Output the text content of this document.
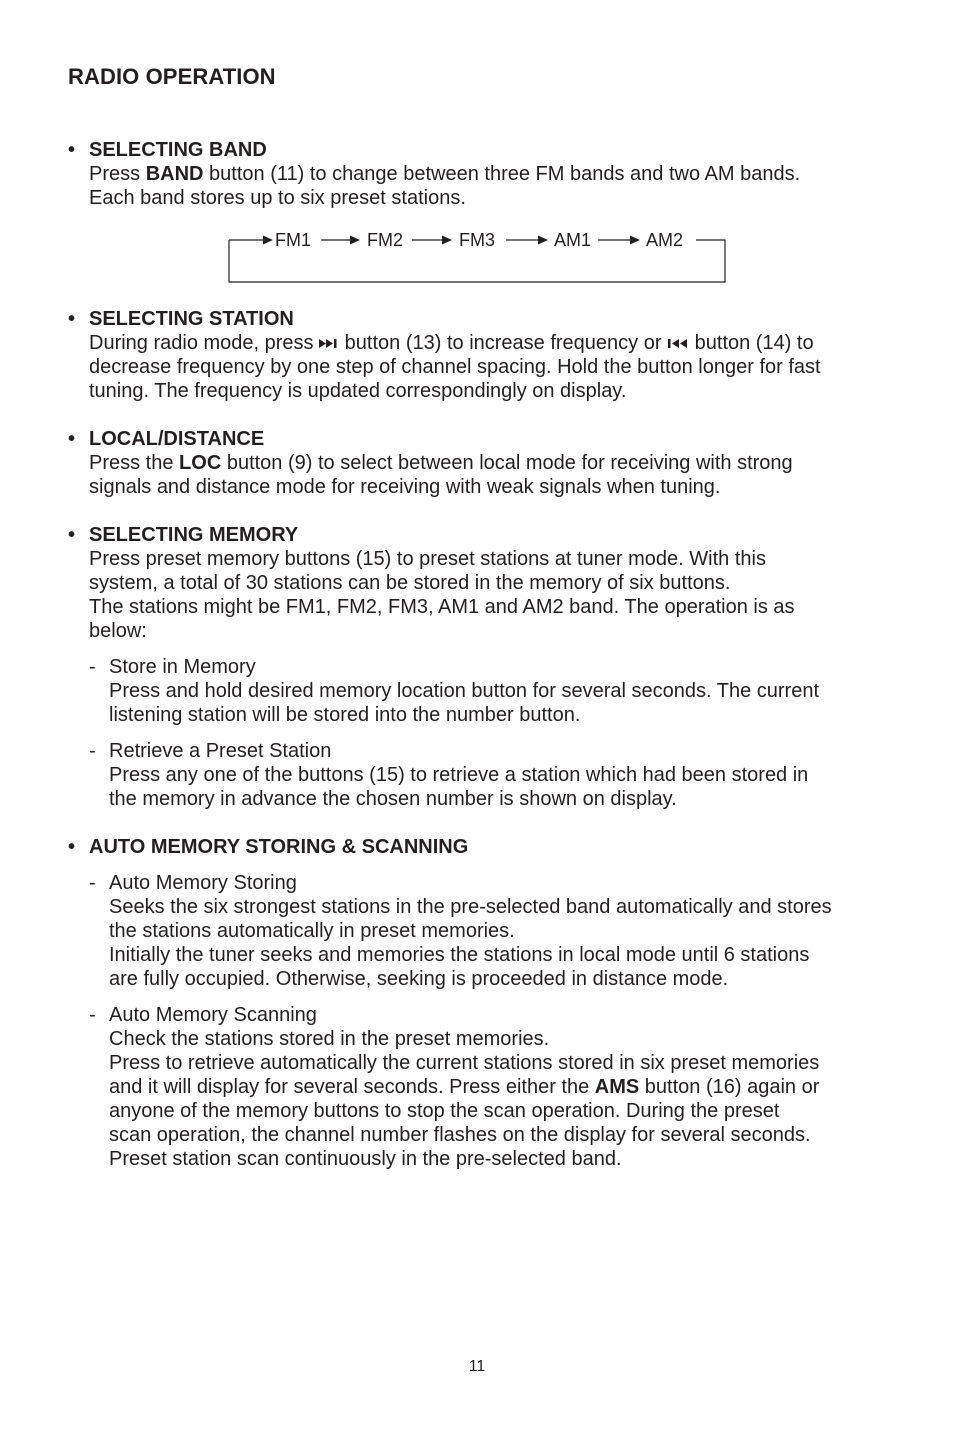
RADIO OPERATION
• SELECTING BAND
Press BAND button (11) to change between three FM bands and two AM bands.
Each band stores up to six preset stations.
FM1	FM2	FM3	AM1	AM2
• SELECTING STATION
During radio mode, press  button (13) to increase frequency or  button (14) to
decrease frequency by one step of channel spacing. Hold the button longer for fast
tuning. The frequency is updated correspondingly on display.
• LOCAL/DISTANCE
Press the LOC button (9) to select between local mode for receiving with strong
signals and distance mode for receiving with weak signals when tuning.
• SELECTING MEMORY
Press preset memory buttons (15) to preset stations at tuner mode. With this
system, a total of 30 stations can be stored in the memory of six buttons.
The stations might be FM1, FM2, FM3, AM1 and AM2 band. The operation is as
below:
- Store in Memory
Press and hold desired memory location button for several seconds. The current
listening station will be stored into the number button.
- Retrieve a Preset Station
Press any one of the buttons (15) to retrieve a station which had been stored in
the memory in advance the chosen number is shown on display.
• AUTO MEMORY STORING & SCANNING
- Auto Memory Storing
Seeks the six strongest stations in the pre-selected band automatically and stores
the stations automatically in preset memories.
Initially the tuner seeks and memories the stations in local mode until 6 stations
are fully occupied. Otherwise, seeking is proceeded in distance mode.
- Auto Memory Scanning
Check the stations stored in the preset memories.
Press to retrieve automatically the current stations stored in six preset memories
and it will display for several seconds. Press either the AMS button (16) again or
anyone of the memory buttons to stop the scan operation. During the preset
scan operation, the channel number flashes on the display for several seconds.
Preset station scan continuously in the pre-selected band.
11
